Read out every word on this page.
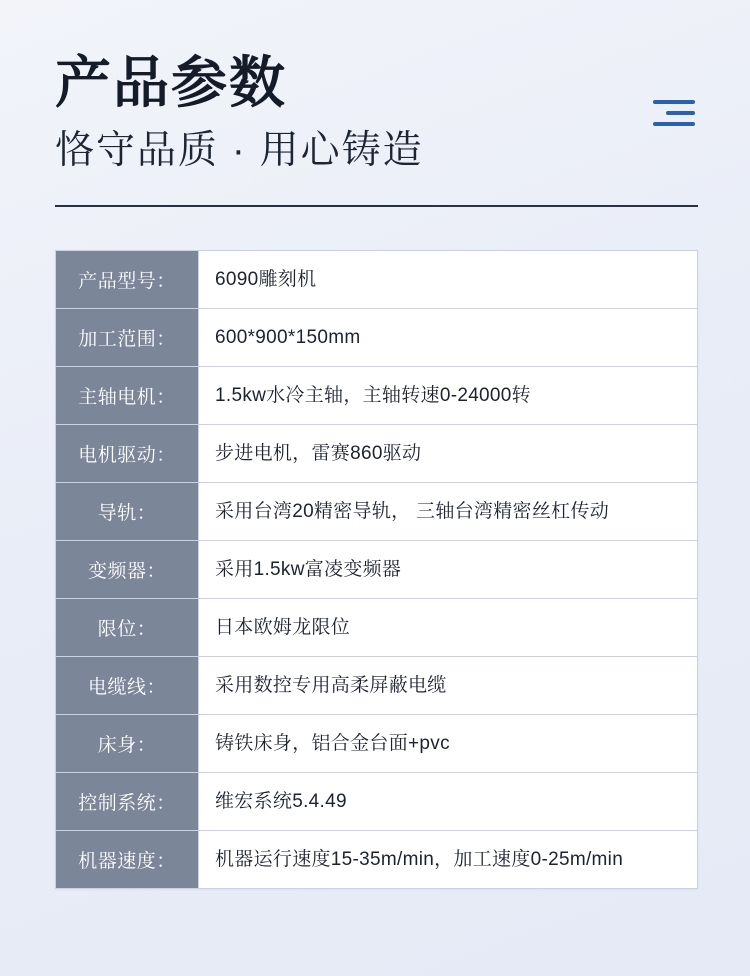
产品参数
恪守品质 · 用心铸造
产品型号：	6090雕刻机
加工范围：	600*900*150mm
主轴电机：	1.5kw水冷主轴，主轴转速0-24000转
电机驱动：	步进电机，雷赛860驱动
导轨：	采用台湾20精密导轨， 三轴台湾精密丝杠传动
变频器：	采用1.5kw富凌变频器
限位：	日本欧姆龙限位
电缆线：	采用数控专用高柔屏蔽电缆
床身：	铸铁床身，铝合金台面+pvc
控制系统：	维宏系统5.4.49
机器速度：	机器运行速度15-35m/min，加工速度0-25m/min
